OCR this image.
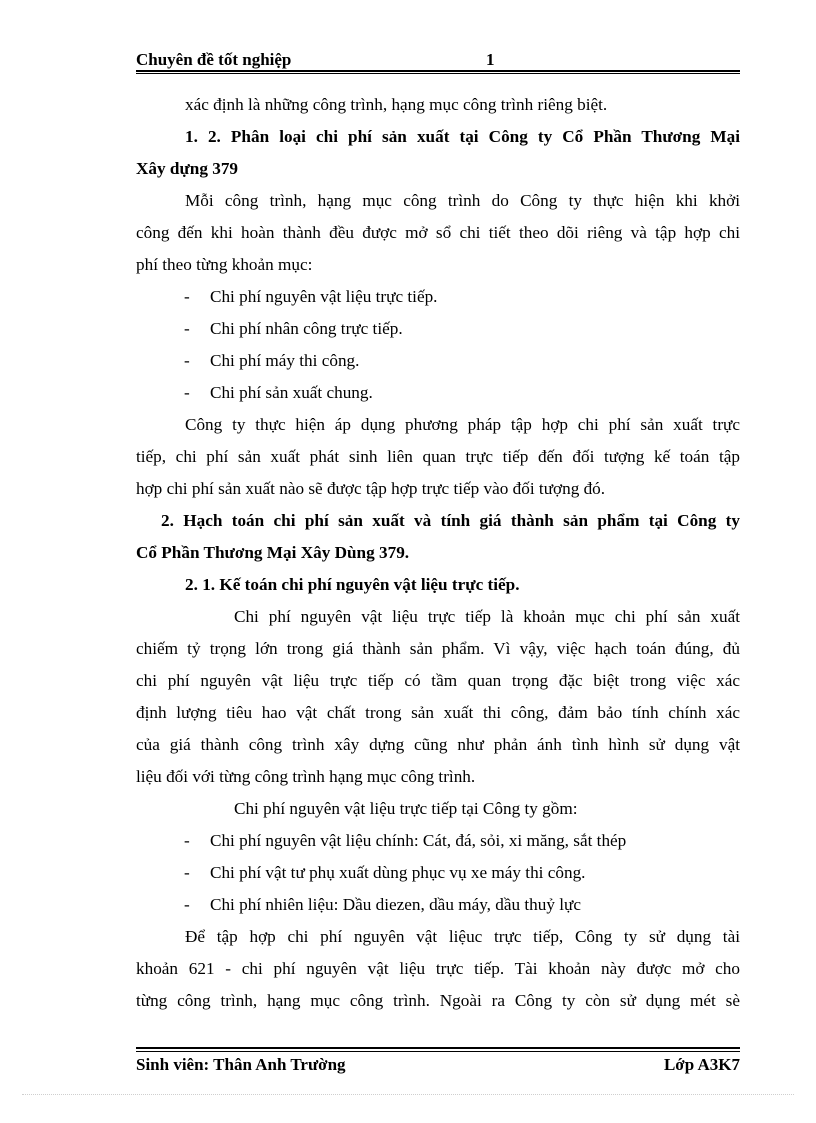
Chuyên đề tốt nghiệp	1
xác định là những công trình, hạng mục công trình riêng biệt.
1. 2. Phân loại chi phí sản xuất tại Công ty Cổ Phần Thương Mại
Xây dựng 379
Mỗi công trình, hạng mục công trình do Công ty thực hiện khi khởi
công đến khi hoàn thành đều được mở sổ chi tiết theo dõi riêng và tập hợp chi
phí theo từng khoản mục:
- Chi phí nguyên vật liệu trực tiếp.
- Chi phí nhân công trực tiếp.
- Chi phí máy thi công.
- Chi phí sản xuất chung.
Công ty thực hiện áp dụng phương pháp tập hợp chi phí sản xuất trực
tiếp, chi phí sản xuất phát sinh liên quan trực tiếp đến đối tượng kế toán tập
hợp chi phí sản xuất nào sẽ được tập hợp trực tiếp vào đối tượng đó.
2. Hạch toán chi phí sản xuất và tính giá thành sản phẩm tại Công ty
Cổ Phần Thương Mại Xây Dùng 379.
2. 1. Kế toán chi phí nguyên vật liệu trực tiếp.
Chi phí nguyên vật liệu trực tiếp là khoản mục chi phí sản xuất
chiếm tỷ trọng lớn trong giá thành sản phẩm. Vì vậy, việc hạch toán đúng, đủ
chi phí nguyên vật liệu trực tiếp có tầm quan trọng đặc biệt trong việc xác
định lượng tiêu hao vật chất trong sản xuất thi công, đảm bảo tính chính xác
của giá thành công trình xây dựng cũng như phản ánh tình hình sử dụng vật
liệu đối với từng công trình hạng mục công trình.
Chi phí nguyên vật liệu trực tiếp tại Công ty gồm:
- Chi phí nguyên vật liệu chính: Cát, đá, sỏi, xi măng, sắt thép
- Chi phí vật tư phụ xuất dùng phục vụ xe máy thi công.
- Chi phí nhiên liệu: Dầu diezen, dầu máy, dầu thuỷ lực
Để tập hợp chi phí nguyên vật liệuc trực tiếp, Công ty sử dụng tài
khoản 621 - chi phí nguyên vật liệu trực tiếp. Tài khoản này được mở cho
từng công trình, hạng mục công trình. Ngoài ra Công ty còn sử dụng mét sè
Sinh viên: Thân Anh Trường	Lớp A3K7
